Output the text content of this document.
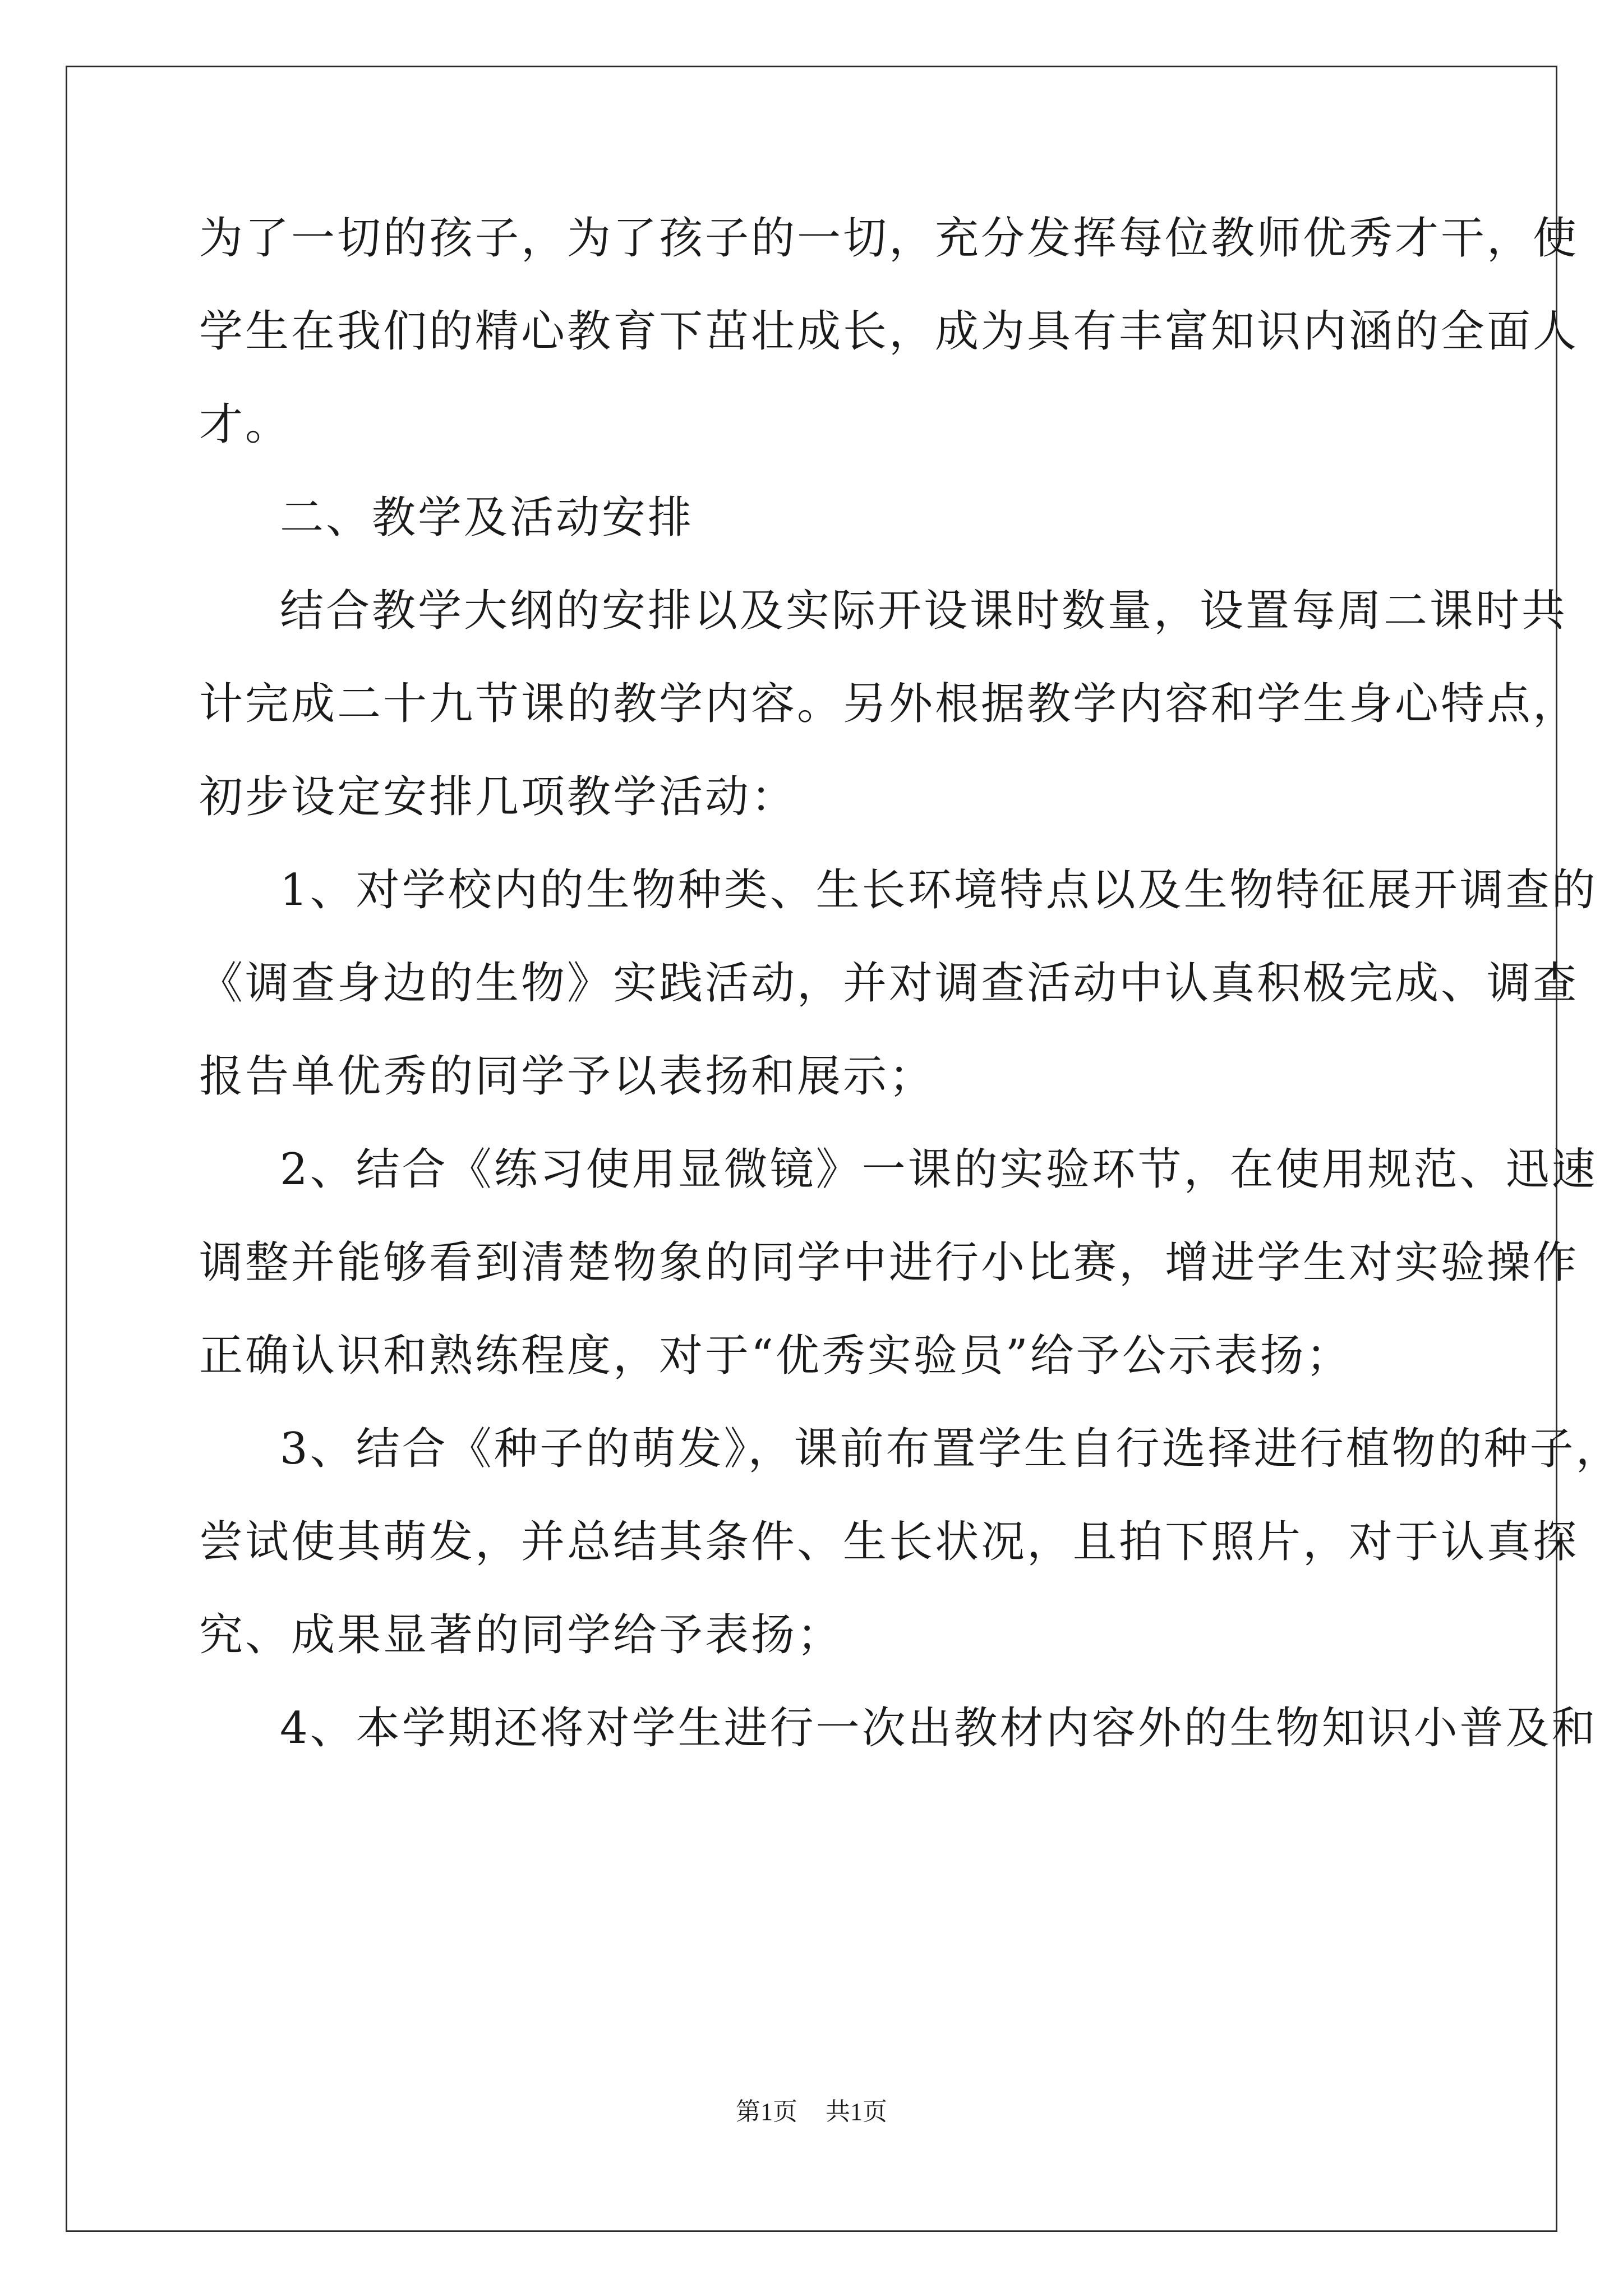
为了一切的孩子，为了孩子的一切，充分发挥每位教师优秀才干，使
学生在我们的精心教育下茁壮成长，成为具有丰富知识内涵的全面人
才。
二、教学及活动安排
结合教学大纲的安排以及实际开设课时数量，设置每周二课时共
计完成二十九节课的教学内容。另外根据教学内容和学生身心特点，
初步设定安排几项教学活动：
1、对学校内的生物种类、生长环境特点以及生物特征展开调查的
《调查身边的生物》实践活动，并对调查活动中认真积极完成、调查
报告单优秀的同学予以表扬和展示；
2、结合《练习使用显微镜》一课的实验环节，在使用规范、迅速
调整并能够看到清楚物象的同学中进行小比赛，增进学生对实验操作
正确认识和熟练程度，对于“优秀实验员”给予公示表扬；
3、结合《种子的萌发》，课前布置学生自行选择进行植物的种子，
尝试使其萌发，并总结其条件、生长状况，且拍下照片，对于认真探
究、成果显著的同学给予表扬；
4、本学期还将对学生进行一次出教材内容外的生物知识小普及和
第1页 共1页
